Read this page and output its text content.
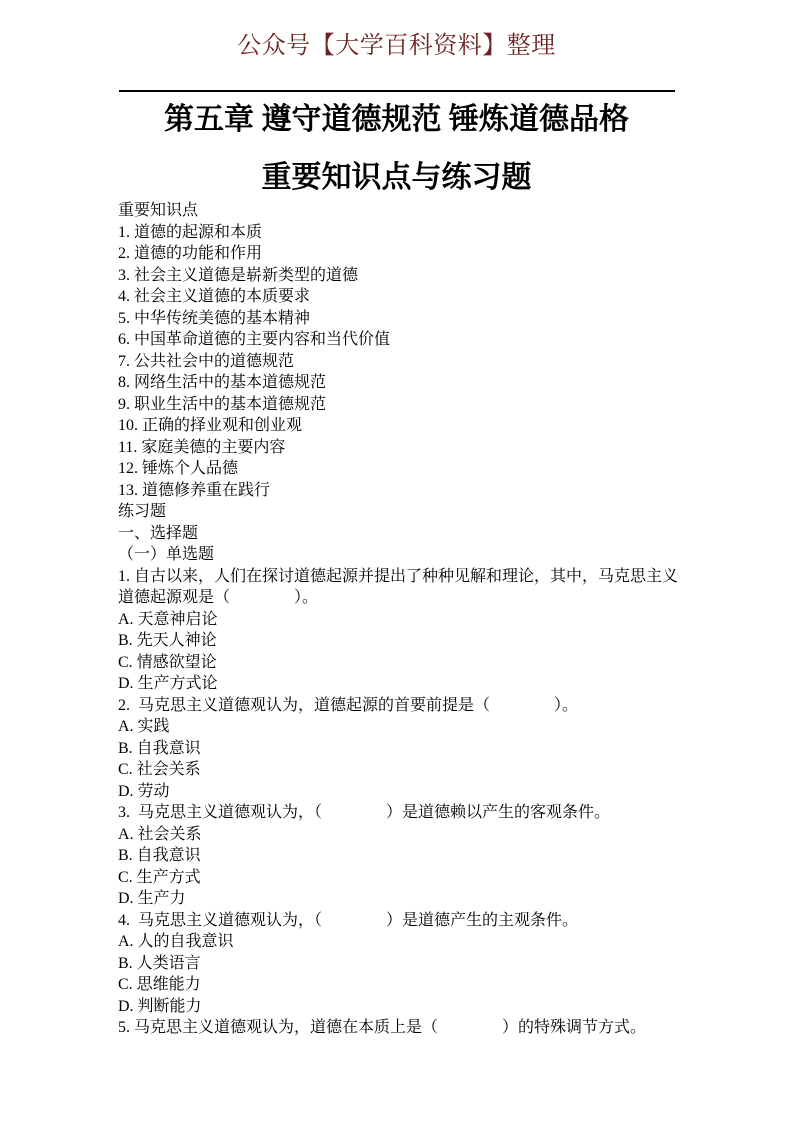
公众号【大学百科资料】整理
第五章 遵守道德规范 锤炼道德品格
重要知识点与练习题
重要知识点
1. 道德的起源和本质
2. 道德的功能和作用
3. 社会主义道德是崭新类型的道德
4. 社会主义道德的本质要求
5. 中华传统美德的基本精神
6. 中国革命道德的主要内容和当代价值
7. 公共社会中的道德规范
8. 网络生活中的基本道德规范
9. 职业生活中的基本道德规范
10. 正确的择业观和创业观
11. 家庭美德的主要内容
12. 锤炼个人品德
13. 道德修养重在践行
练习题
一、选择题
（一）单选题
1. 自古以来，人们在探讨道德起源并提出了种种见解和理论，其中，马克思主义
道德起源观是（　　　　）。
A. 天意神启论
B. 先天人神论
C. 情感欲望论
D. 生产方式论
2.  马克思主义道德观认为，道德起源的首要前提是（　　　　）。
A. 实践
B. 自我意识
C. 社会关系
D. 劳动
3.  马克思主义道德观认为，（　　　　）是道德赖以产生的客观条件。
A. 社会关系
B. 自我意识
C. 生产方式
D. 生产力
4.  马克思主义道德观认为，（　　　　）是道德产生的主观条件。
A. 人的自我意识
B. 人类语言
C. 思维能力
D. 判断能力
5. 马克思主义道德观认为，道德在本质上是（　　　　）的特殊调节方式。
